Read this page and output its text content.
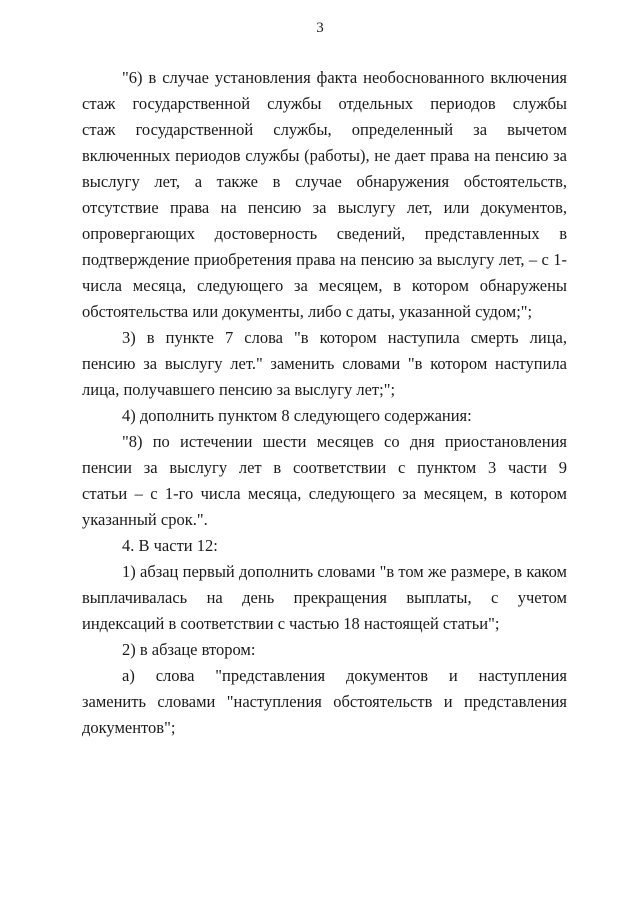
3
"6) в случае установления факта необоснованного включения
стаж государственной службы отдельных периодов службы
стаж государственной службы, определенный за вычетом
включенных периодов службы (работы), не дает права на пенсию за
выслугу лет, а также в случае обнаружения обстоятельств,
отсутствие права на пенсию за выслугу лет, или документов,
опровергающих достоверность сведений, представленных в
подтверждение приобретения права на пенсию за выслугу лет, – с 1-
числа месяца, следующего за месяцем, в котором обнаружены
обстоятельства или документы, либо с даты, указанной судом;";
3) в пункте 7 слова "в котором наступила смерть лица,
пенсию за выслугу лет." заменить словами "в котором наступила
лица, получавшего пенсию за выслугу лет;";
4) дополнить пунктом 8 следующего содержания:
"8) по истечении шести месяцев со дня приостановления
пенсии за выслугу лет в соответствии с пунктом 3 части 9
статьи – с 1-го числа месяца, следующего за месяцем, в котором
указанный срок.".
4. В части 12:
1) абзац первый дополнить словами "в том же размере, в каком
выплачивалась на день прекращения выплаты, с учетом
индексаций в соответствии с частью 18 настоящей статьи";
2) в абзаце втором:
а) слова "представления документов и наступления
заменить словами "наступления обстоятельств и представления
документов";
